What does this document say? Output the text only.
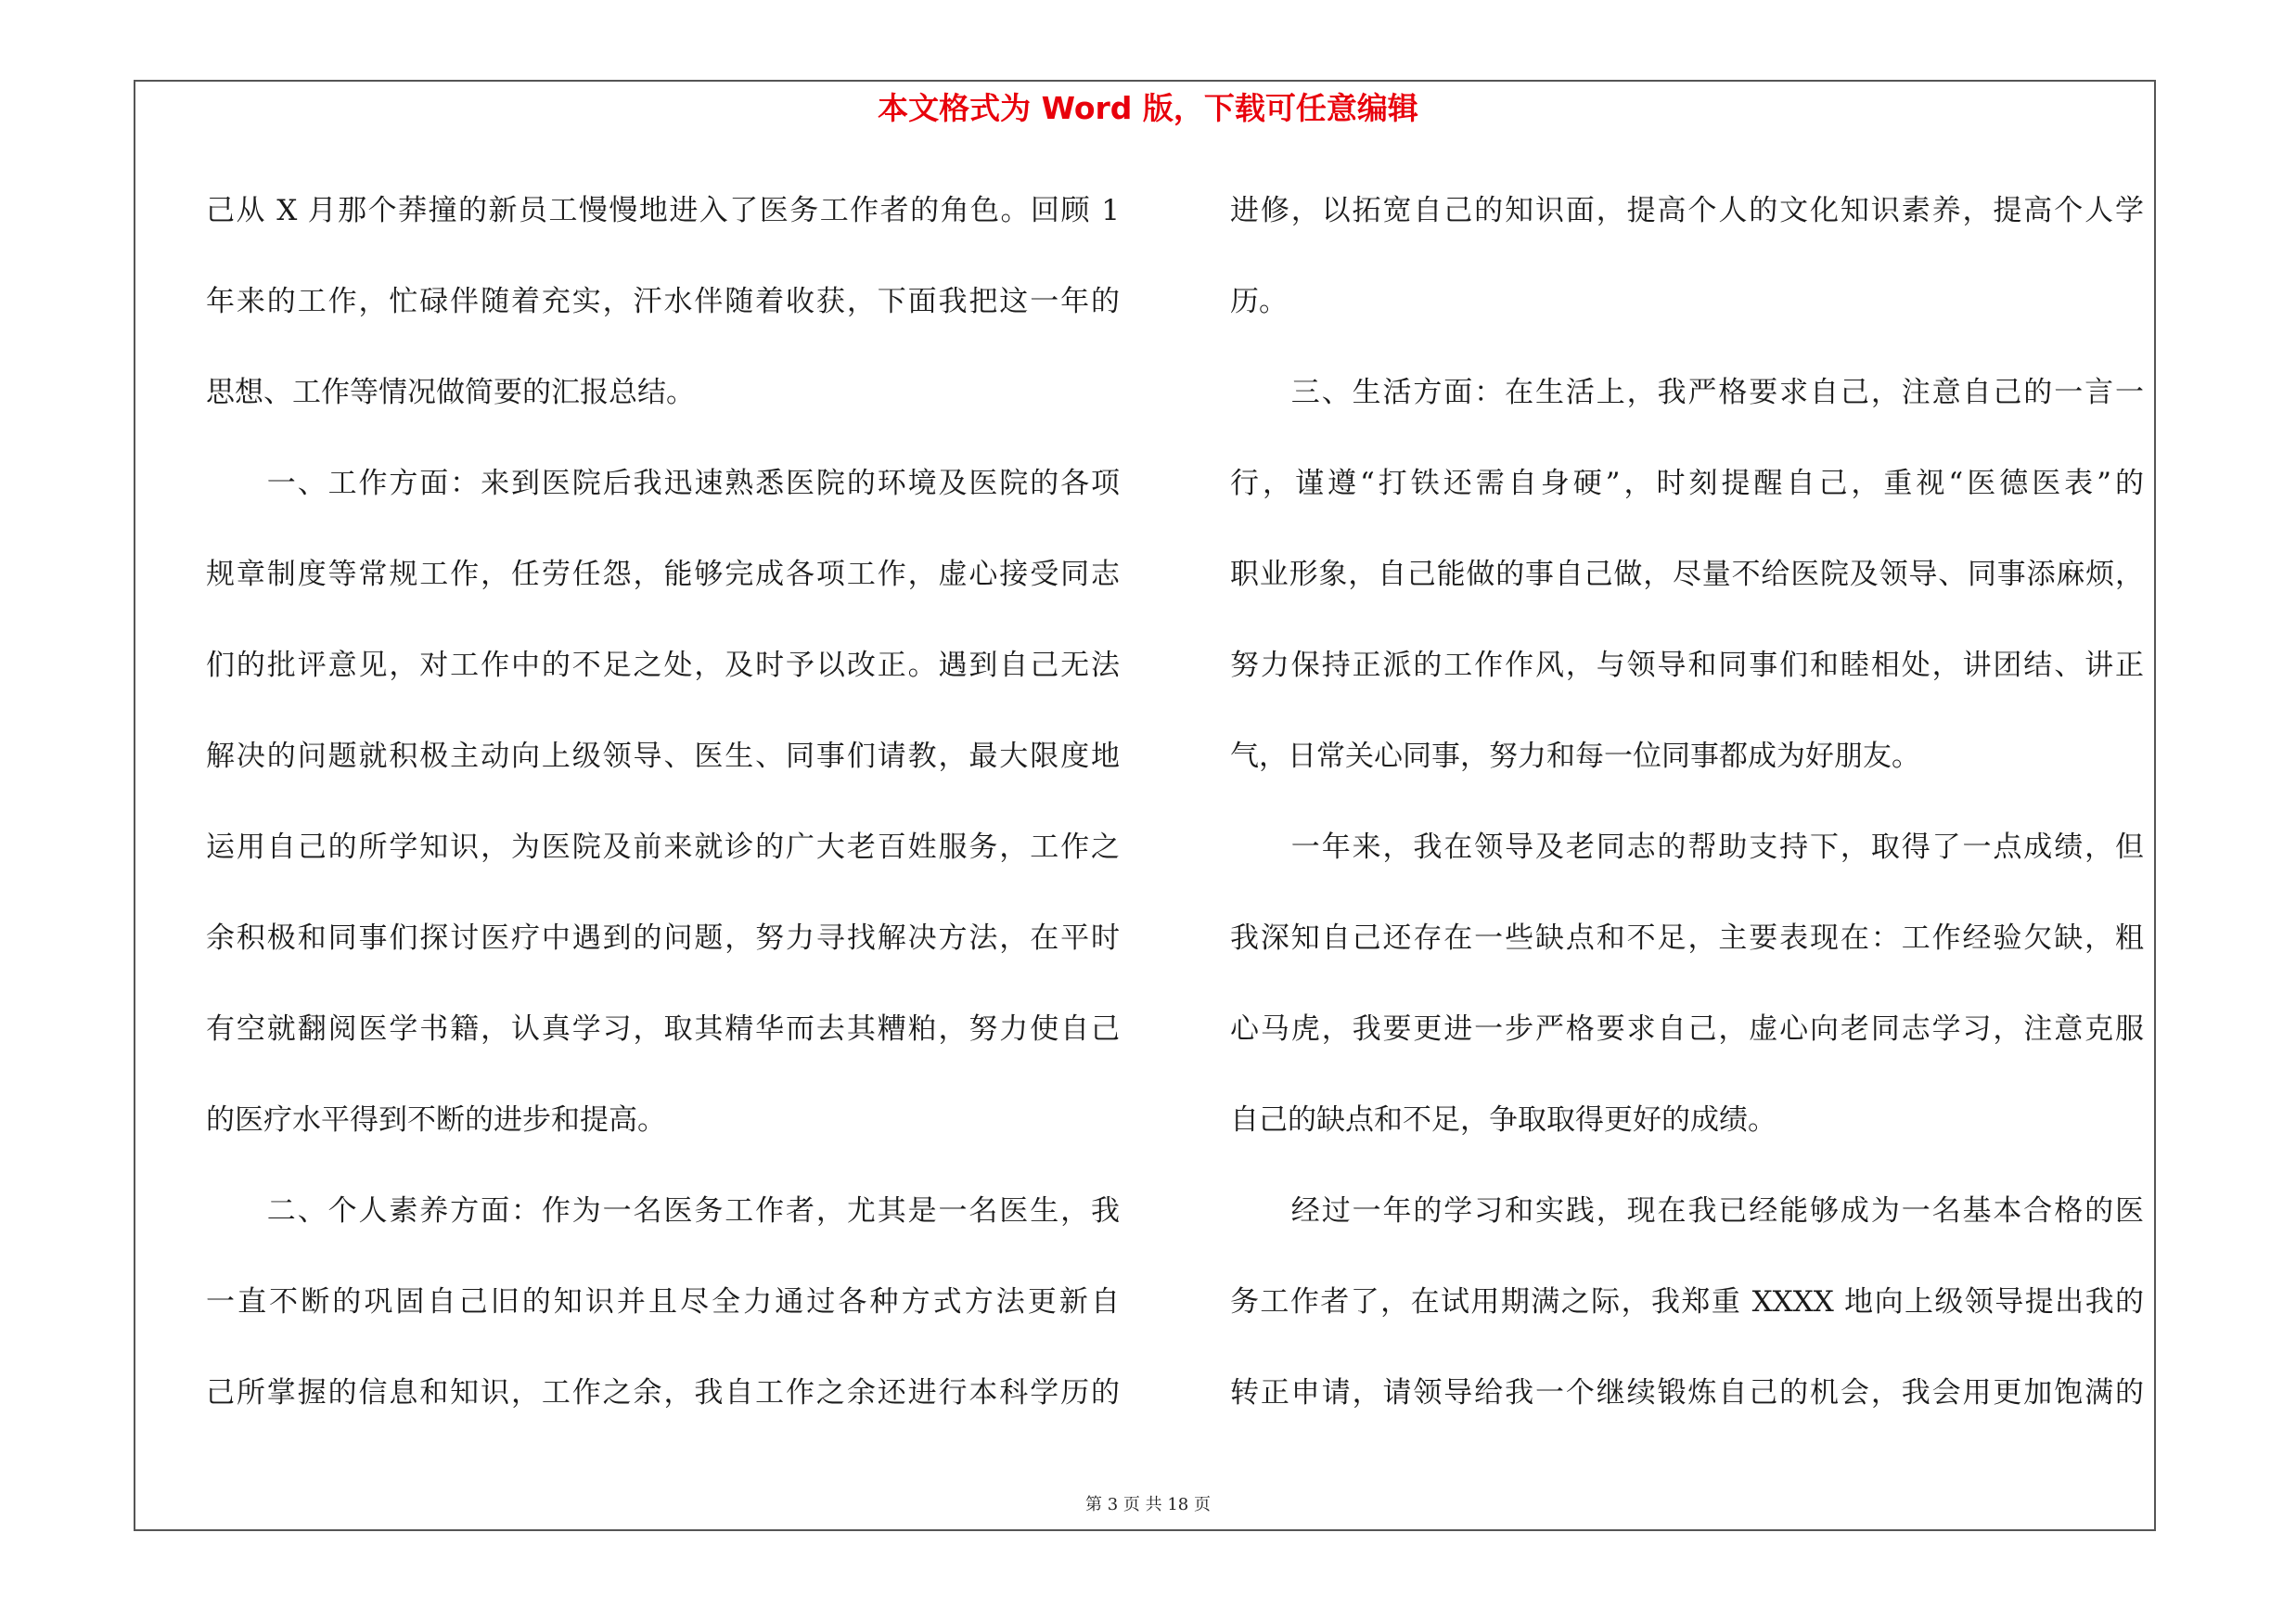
本文格式为 Word 版，下载可任意编辑
己从 X 月那个莽撞的新员工慢慢地进入了医务工作者的角色。回顾 1
年来的工作，忙碌伴随着充实，汗水伴随着收获，下面我把这一年的
思想、工作等情况做简要的汇报总结。
　　一、工作方面：来到医院后我迅速熟悉医院的环境及医院的各项
规章制度等常规工作，任劳任怨，能够完成各项工作，虚心接受同志
们的批评意见，对工作中的不足之处，及时予以改正。遇到自己无法
解决的问题就积极主动向上级领导、医生、同事们请教，最大限度地
运用自己的所学知识，为医院及前来就诊的广大老百姓服务，工作之
余积极和同事们探讨医疗中遇到的问题，努力寻找解决方法，在平时
有空就翻阅医学书籍，认真学习，取其精华而去其糟粕，努力使自己
的医疗水平得到不断的进步和提高。
　　二、个人素养方面：作为一名医务工作者，尤其是一名医生，我
一直不断的巩固自己旧的知识并且尽全力通过各种方式方法更新自
己所掌握的信息和知识，工作之余，我自工作之余还进行本科学历的
进修，以拓宽自己的知识面，提高个人的文化知识素养，提高个人学
历。
　　三、生活方面：在生活上，我严格要求自己，注意自己的一言一
行，谨遵“打铁还需自身硬”，时刻提醒自己，重视“医德医表”的
职业形象，自己能做的事自己做，尽量不给医院及领导、同事添麻烦，
努力保持正派的工作作风，与领导和同事们和睦相处，讲团结、讲正
气，日常关心同事，努力和每一位同事都成为好朋友。
　　一年来，我在领导及老同志的帮助支持下，取得了一点成绩，但
我深知自己还存在一些缺点和不足，主要表现在：工作经验欠缺，粗
心马虎，我要更进一步严格要求自己，虚心向老同志学习，注意克服
自己的缺点和不足，争取取得更好的成绩。
　　经过一年的学习和实践，现在我已经能够成为一名基本合格的医
务工作者了，在试用期满之际，我郑重 XXXX 地向上级领导提出我的
转正申请，请领导给我一个继续锻炼自己的机会，我会用更加饱满的
第 3 页 共 18 页
